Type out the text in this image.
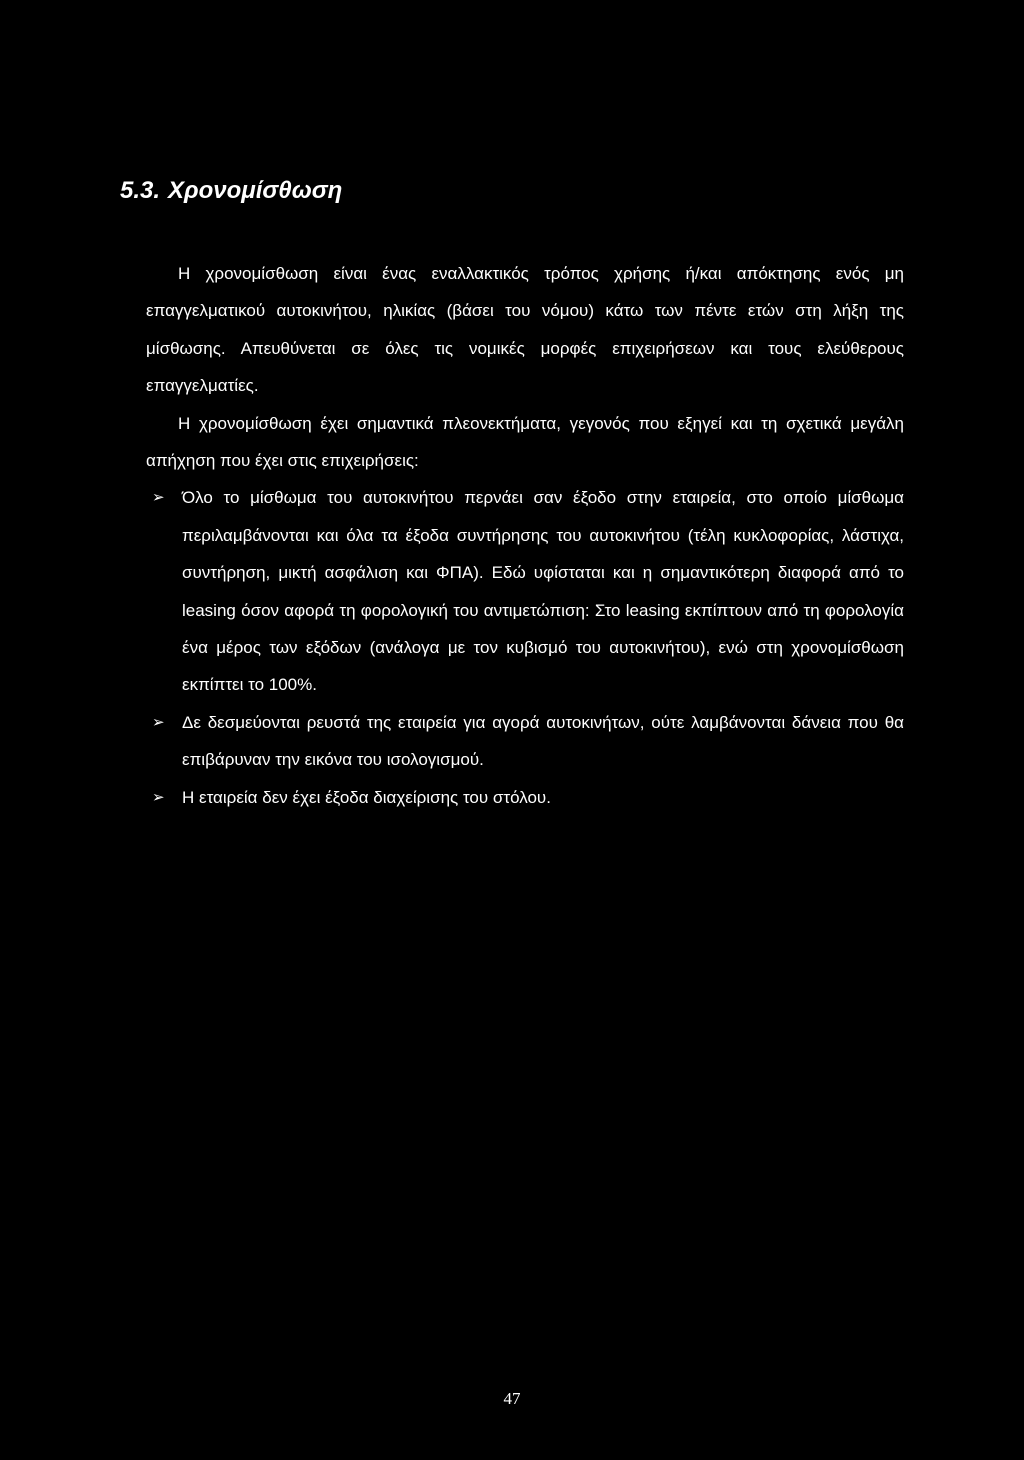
5.3. Χρονομίσθωση

Η χρονομίσθωση είναι ένας εναλλακτικός τρόπος χρήσης ή/και απόκτησης ενός μη επαγγελματικού αυτοκινήτου, ηλικίας (βάσει του νόμου) κάτω των πέντε ετών στη λήξη της μίσθωσης. Απευθύνεται σε όλες τις νομικές μορφές επιχειρήσεων και τους ελεύθερους επαγγελματίες.

Η χρονομίσθωση έχει σημαντικά πλεονεκτήματα, γεγονός που εξηγεί και τη σχετικά μεγάλη απήχηση που έχει στις επιχειρήσεις:

➢ Όλο το μίσθωμα του αυτοκινήτου περνάει σαν έξοδο στην εταιρεία, στο οποίο μίσθωμα περιλαμβάνονται και όλα τα έξοδα συντήρησης του αυτοκινήτου (τέλη κυκλοφορίας, λάστιχα, συντήρηση, μικτή ασφάλιση και ΦΠΑ). Εδώ υφίσταται και η σημαντικότερη διαφορά από το leasing όσον αφορά τη φορολογική του αντιμετώπιση: Στο leasing εκπίπτουν από τη φορολογία ένα μέρος των εξόδων (ανάλογα με τον κυβισμό του αυτοκινήτου), ενώ στη χρονομίσθωση εκπίπτει το 100%.
➢ Δε δεσμεύονται ρευστά της εταιρεία για αγορά αυτοκινήτων, ούτε λαμβάνονται δάνεια που θα επιβάρυναν την εικόνα του ισολογισμού.
➢ Η εταιρεία δεν έχει έξοδα διαχείρισης του στόλου.
47
